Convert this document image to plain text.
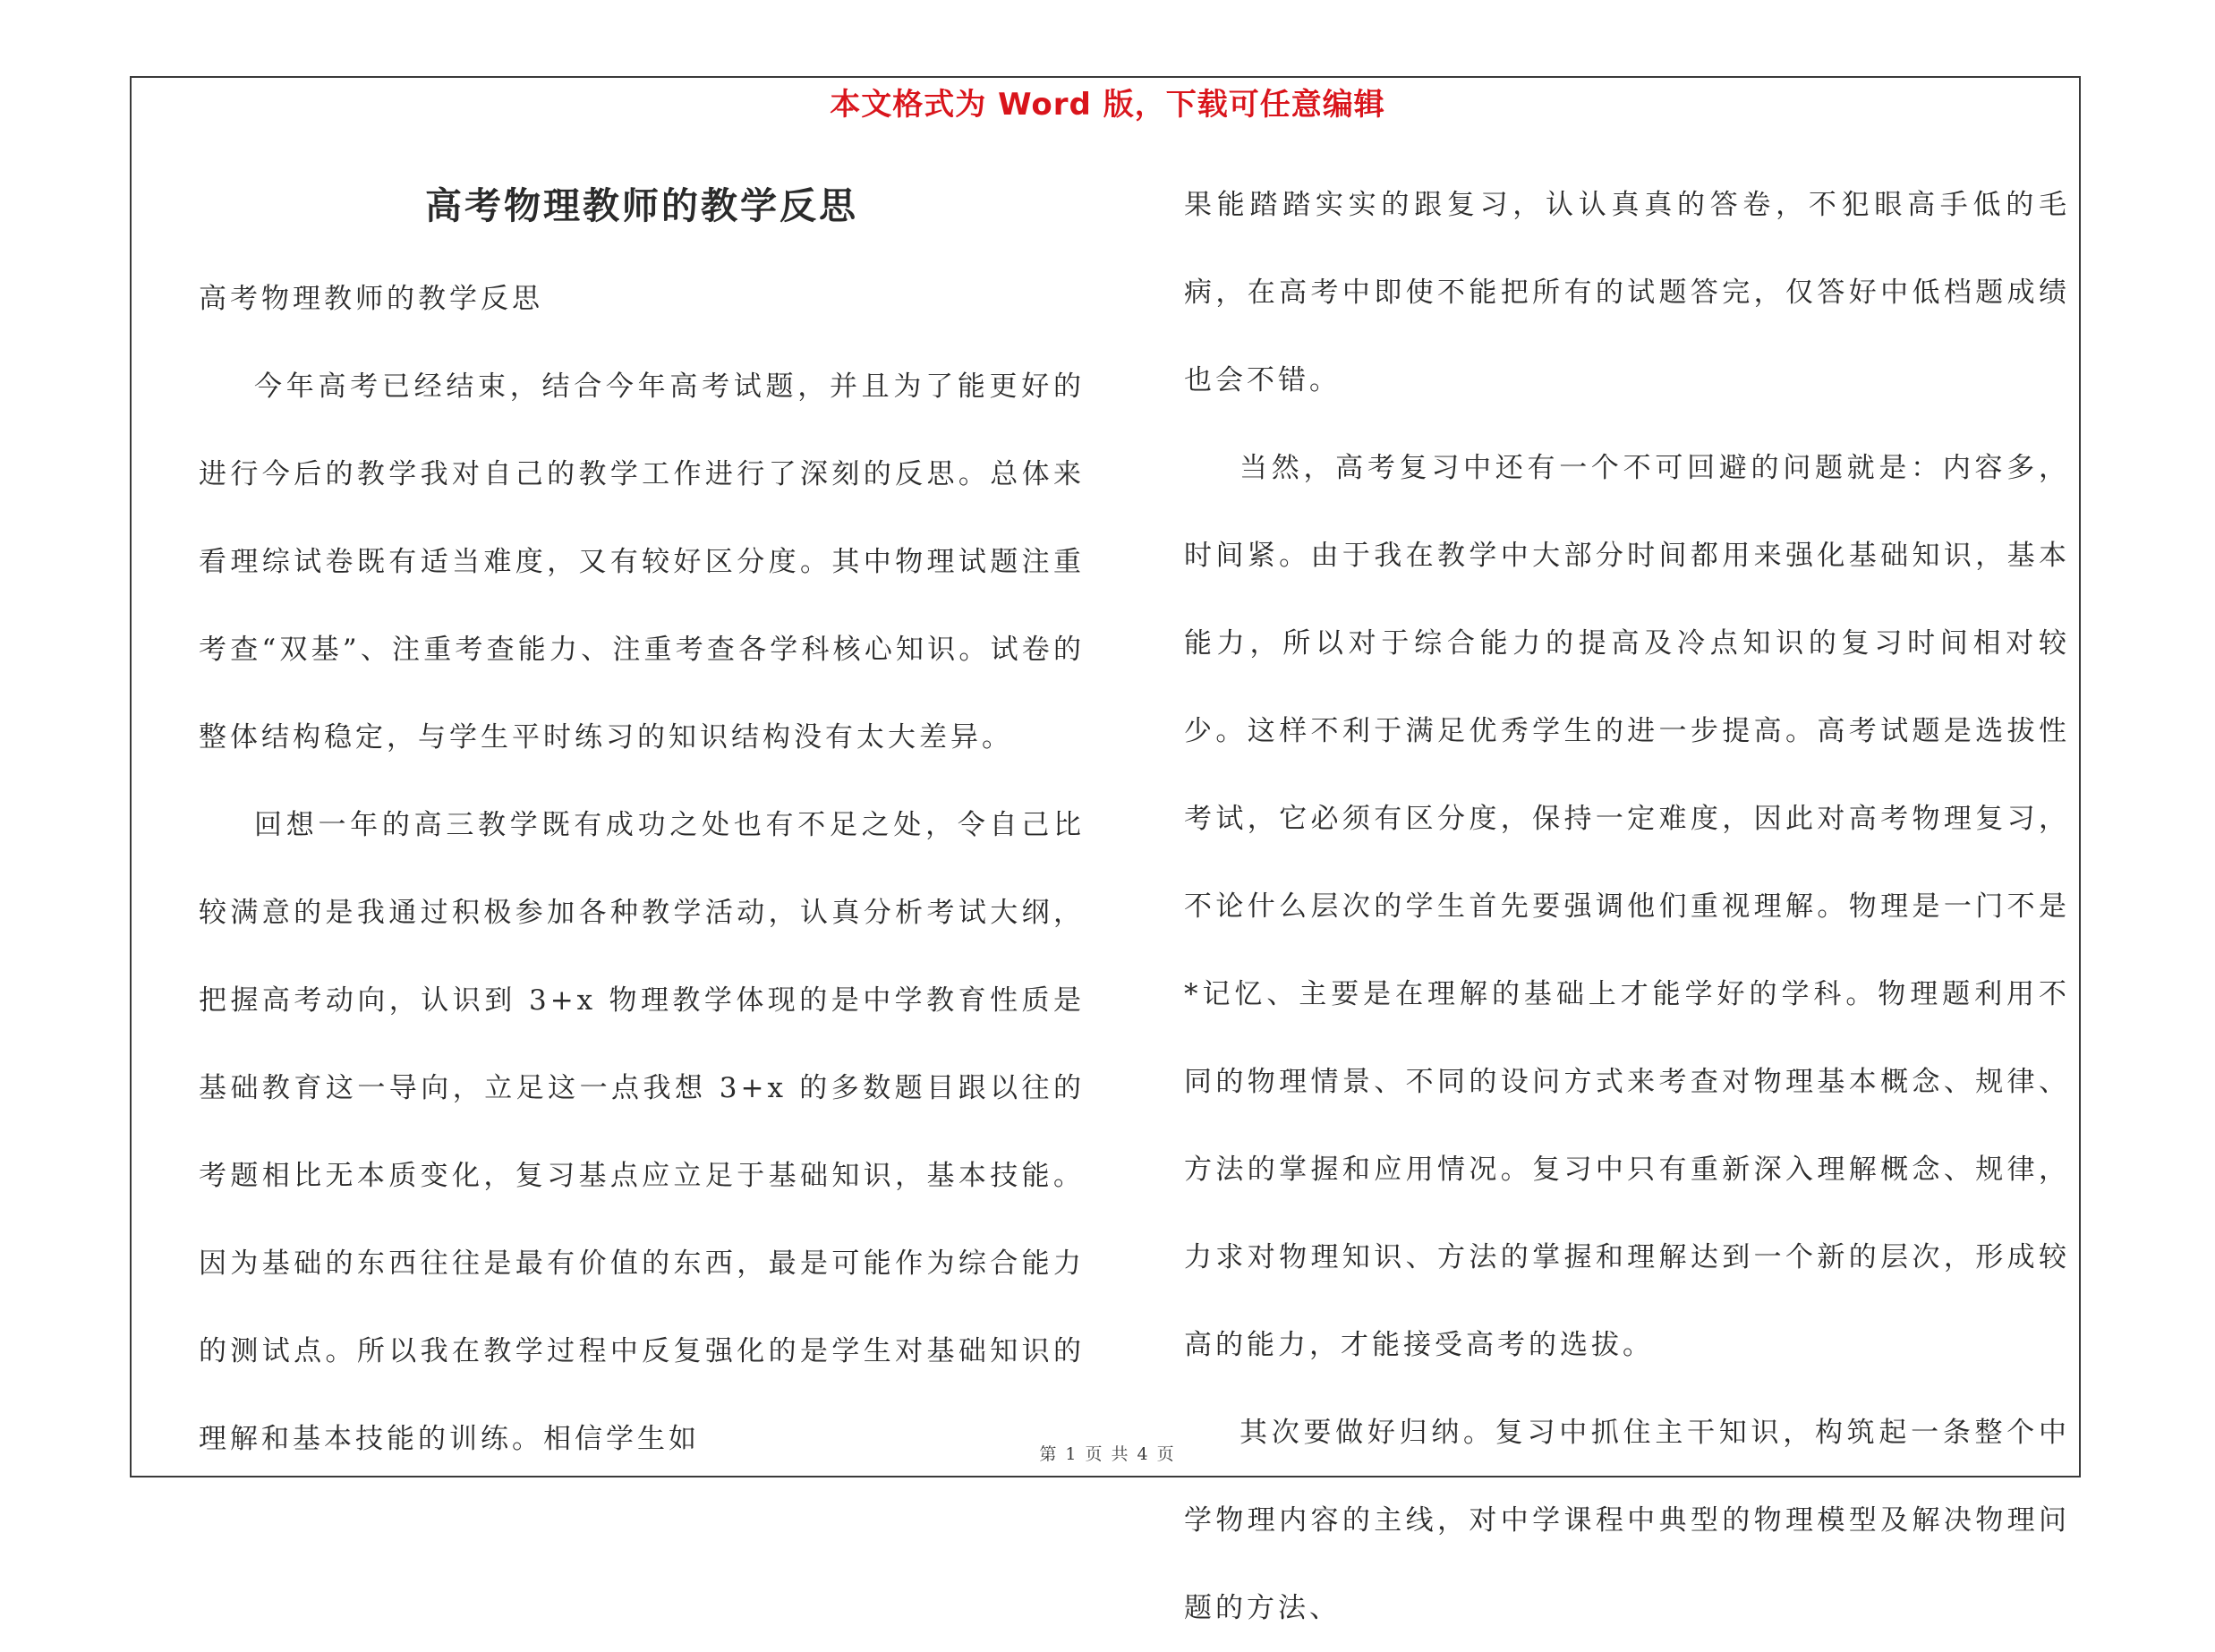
本文格式为 Word 版，下载可任意编辑
高考物理教师的教学反思
高考物理教师的教学反思

今年高考已经结束，结合今年高考试题，并且为了能更好的进行今后的教学我对自己的教学工作进行了深刻的反思。总体来看理综试卷既有适当难度，又有较好区分度。其中物理试题注重考查“双基”、注重考查能力、注重考查各学科核心知识。试卷的整体结构稳定，与学生平时练习的知识结构没有太大差异。

回想一年的高三教学既有成功之处也有不足之处，令自己比较满意的是我通过积极参加各种教学活动，认真分析考试大纲，把握高考动向，认识到 3+x 物理教学体现的是中学教育性质是基础教育这一导向，立足这一点我想 3+x 的多数题目跟以往的考题相比无本质变化，复习基点应立足于基础知识，基本技能。因为基础的东西往往是最有价值的东西，最是可能作为综合能力的测试点。所以我在教学过程中反复强化的是学生对基础知识的理解和基本技能的训练。相信学生如

果能踏踏实实的跟复习，认认真真的答卷，不犯眼高手低的毛病，在高考中即使不能把所有的试题答完，仅答好中低档题成绩也会不错。

当然，高考复习中还有一个不可回避的问题就是：内容多，时间紧。由于我在教学中大部分时间都用来强化基础知识，基本能力，所以对于综合能力的提高及冷点知识的复习时间相对较少。这样不利于满足优秀学生的进一步提高。高考试题是选拔性考试，它必须有区分度，保持一定难度，因此对高考物理复习，不论什么层次的学生首先要强调他们重视理解。物理是一门不是*记忆、主要是在理解的基础上才能学好的学科。物理题利用不同的物理情景、不同的设问方式来考查对物理基本概念、规律、方法的掌握和应用情况。复习中只有重新深入理解概念、规律，力求对物理知识、方法的掌握和理解达到一个新的层次，形成较高的能力，才能接受高考的选拔。

其次要做好归纳。复习中抓住主干知识，构筑起一条整个中学物理内容的主线，对中学课程中典型的物理模型及解决物理问题的方法、

第 1 页 共 4 页
